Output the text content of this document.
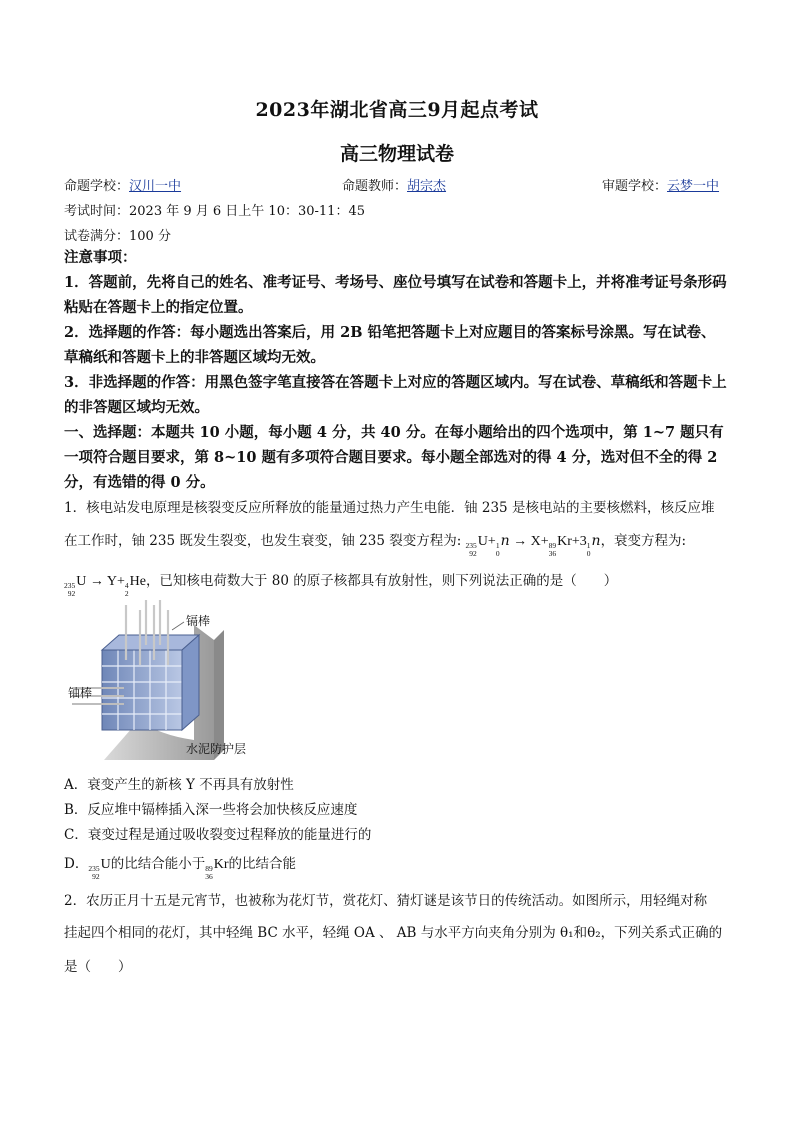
2023年湖北省高三9月起点考试
高三物理试卷
命题学校：汉川一中	命题教师：胡宗杰	审题学校：云梦一中
考试时间：2023 年 9 月 6 日上午 10：30-11：45
试卷满分：100 分
注意事项：
1．答题前，先将自己的姓名、准考证号、考场号、座位号填写在试卷和答题卡上，并将准考证号条形码粘贴在答题卡上的指定位置。
2．选择题的作答：每小题选出答案后，用 2B 铅笔把答题卡上对应题目的答案标号涂黑。写在试卷、草稿纸和答题卡上的非答题区域均无效。
3．非选择题的作答：用黑色签字笔直接答在答题卡上对应的答题区域内。写在试卷、草稿纸和答题卡上的非答题区域均无效。
一、选择题：本题共 10 小题，每小题 4 分，共 40 分。在每小题给出的四个选项中，第 1~7 题只有一项符合题目要求，第 8~10 题有多项符合题目要求。每小题全部选对的得 4 分，选对但不全的得 2 分，有选错的得 0 分。
1．核电站发电原理是核裂变反应所释放的能量通过热力产生电能．铀 235 是核电站的主要核燃料，核反应堆
在工作时，铀 235 既发生裂变，也发生衰变，铀 235 裂变方程为: 235
92
U+ 1
0
n → X+ 89
36
Kr+3 1
0
n，衰变方程为:
235
92
U → Y+ 4
2
He，已知核电荷数大于 80 的原子核都具有放射性，则下列说法正确的是（　　）
镉棒
铀棒
水泥防护层
A．衰变产生的新核 Y 不再具有放射性
B．反应堆中镉棒插入深一些将会加快核反应速度
C．衰变过程是通过吸收裂变过程释放的能量进行的
D． 235
92
U的比结合能小于 89
36
Kr的比结合能
2．农历正月十五是元宵节，也被称为花灯节，赏花灯、猜灯谜是该节日的传统活动。如图所示，用轻绳对称
挂起四个相同的花灯，其中轻绳 BC 水平，轻绳 OA 、 AB 与水平方向夹角分别为 θ₁和θ₂，下列关系式正确的
是（　　）
